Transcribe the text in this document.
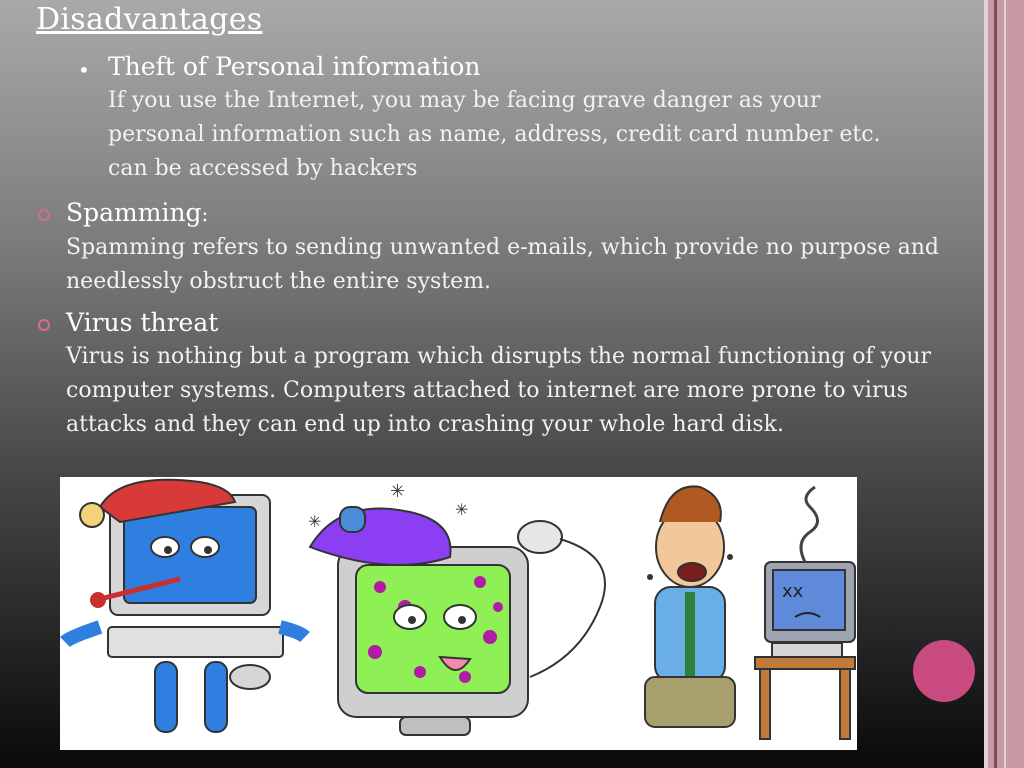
Disadvantages
• Theft of Personal information
If you use the Internet, you may be facing grave danger as your personal information such as name, address, credit card number etc. can be accessed by hackers
Spamming:
Spamming refers to sending unwanted e-mails, which provide no purpose and needlessly obstruct the entire system.
Virus threat
Virus is nothing but a program which disrupts the normal functioning of your computer systems. Computers attached to internet are more prone to virus attacks and they can end up into crashing your whole hard disk.
✳
✳
✳
xx
